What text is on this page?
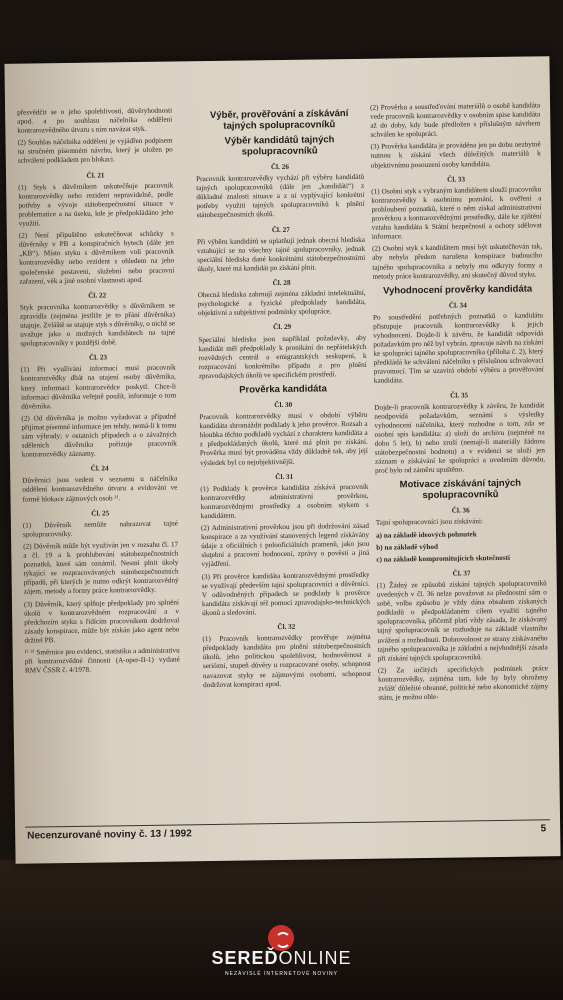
přesvědčit se o jeho spolehlivosti, důvěryhodnosti apod. a po souhlasu náčelníka oddělení kontrarozvědného útvaru s ním navázat styk.

(2) Souhlas náčelníka oddělení je vyjádřen podpisem na stručném písemném návrhu, který je uložen po schválení podkladem pro blokaci.

Čl. 21

(1) Styk s důvěrníkem uskutečňuje pracovník kontrarozvědky nebo rezident nepravidelně, podle potřeby a vývoje státobezpečnostní situace v problematice a na úseku, kde je předpokládáno jeho využití.

(2) Není připuštěno uskutečňovat schůzky s důvěrníky v PB a konspiračních bytech (dále jen „KB“). Místo styku s důvěrníkem volí pracovník kontrarozvědky nebo rezident s ohledem na jeho společenské postavení, služební nebo pracovní zařazení, věk a jiné osobní vlastnosti apod.

Čl. 22

Styk pracovníka kontrarozvědky s důvěrníkem se zpravidla (zejména jestliže je to přání důvěrníka) utajuje. Zvláště se utajuje styk s důvěrníky, o nichž se uvažuje jako o možných kandidátech na tajné spolupracovníky v pozdější době.

Čl. 23

(1) Při využívání informací musí pracovník kontrarozvědky dbát na utajení osoby důvěrníka, který informaci kontrarozvědce poskytl. Chce-li informaci důvěrníka veřejně použít, informuje o tom důvěrníka.

(2) Od důvěrníka je možno vyžadovat a případně přijímat písemné informace jen tehdy, nemá-li k tomu sám výhrady; v ostatních případech a o závažných sděleních důvěrníka pořizuje pracovník kontrarozvědky záznamy.

Čl. 24

Důvěrníci jsou vedeni v seznamu u náčelníka oddělení kontrarozvědného útvaru a evidováni ve formě blokace zájmových osob ³⁾.

Čl. 25

(1) Důvěrník nemůže nahrazovat tajné spolupracovníky.

(2) Důvěrník může být využíván jen v rozsahu čl. 17 a čl. 19 a k prohlubování státobezpečnostních poznatků, které sám oznámil. Nesmí plnit úkoly týkající se rozpracovávaných státobezpečnostních případů, při kterých je nutno odkrýt kontrarozvědný zájem, metody a formy práce kontrarozvědky.

(3) Důvěrník, který splňuje předpoklady pro splnění úkolů v kontrarozvědném rozpracování a v předchozím styku s řídícím pracovníkem dodržoval zásady konspirace, může být získán jako agent nebo držitel PB.

¹⁾ ³⁾ Směrnice pro evidenci, statistiku a administrativu při kontrarozvědné činnosti (A-oper-II-1) vydané RMV ČSSR č. 4/1978.

Výběr, prověřování a získávání tajných spolupracovníků
Výběr kandidátů tajných spolupracovníků
Čl. 26

Pracovník kontrarozvědky vychází při výběru kandidátů tajných spolupracovníků (dále jen „kandidáti“) z důkladné znalosti situace a z ní vyplývající konkrétní potřeby využití tajných spolupracovníků k plnění státobezpečnostních úkolů.

Čl. 27

Při výběru kandidátů se uplatňují jednak obecná hlediska vztahující se na všechny tajné spolupracovníky, jednak speciální hlediska dané konkrétními státobezpečnostními úkoly, které má kandidát po získání plnit.

Čl. 28

Obecná hlediska zahrnují zejména základní intelektuální, psychologické a fyzické předpoklady kandidáta, objektivní a subjektivní podmínky spolupráce.

Čl. 29

Speciální hlediska jsou například požadavky, aby kandidát měl předpoklady k pronikání do nepřátelských rozvědných centrál a emigrantských seskupení, k rozpracování konkrétního případu a pro plnění zpravodajských úkolů ve specifickém prostředí.

Prověrka kandidáta
Čl. 30

Pracovník kontrarozvědky musí v období výběru kandidáta shromáždit podklady k jeho prověrce. Rozsah a hloubka těchto podkladů vychází z charakteru kandidáta a z předpokládaných úkolů, které má plnit po získání. Prověrka musí být prováděna vždy důkladně tak, aby její výsledek byl co nejobjektivnější.

Čl. 31

(1) Podklady k prověrce kandidáta získává pracovník kontrarozvědky administrativní prověrkou, kontrarozvědnými prostředky a osobním stykem s kandidátem.

(2) Administrativní prověrkou jsou při dodržování zásad konspirace a za využívání stanovených legend získávány údaje z oficiálních i polooficiálních pramenů, jako jsou sluţební a pracovní hodnocení, zprávy o pověsti a jiná vyjádření.

(3) Při prověrce kandidáta kontrarozvědnými prostředky se využívají především tajní spolupracovníci a důvěrníci. V odůvodněných případech se podklady k prověrce kandidáta získávají též pomocí zpravodajsko-technických úkonů a sledování.

Čl. 32

(1) Pracovník kontrarozvědky prověřuje zejména předpoklady kandidáta pro plnění státobezpečnostních úkolů, jeho politickou spolehlivost, hodnověrnost a seriózní, stupeň důvěry u rozpracované osoby, schopnost navazovat styky se zájmovými osobami, schopnost dodržovat konspiraci apod.

(2) Prověrku a soustřeďování materiálů o osobě kandidáta vede pracovník kontrarozvědky v osobním spise kandidáta až do doby, kdy bude předložen s příslušným návrhem schválen ke spolupráci.

(3) Prověrka kandidáta je prováděna jen po dobu nezbytně nutnou k získání všech důležitých materiálů k objektivnímu posouzení osoby kandidáta.

Čl. 33

(1) Osobní styk s vybraným kandidátem slouží pracovníku kontrarozvědky k osobnímu poznání, k ověření a prohloubení poznatků, které o něm získal administrativní prověrkou a kontrarozvědnými prostředky, dále ke zjištění vztahu kandidáta k Státní bezpečnosti a ochoty sdělovat informace.

(2) Osobní styk s kandidátem musí být uskutečňován tak, aby nebyla předem narušena konspirace budoucího tajného spolupracovníka a nebyly mu odkryty formy a metody práce kontrarozvědky, ani skutečný důvod styku.

Vyhodnocení prověrky kandidáta
Čl. 34

Po soustředění potřebných poznatků o kandidátu přistupuje pracovník kontrarozvědky k jejich vyhodnocení. Dojde-li k závěru, že kandidát odpovídá požadavkům pro něž byl vybrán, zpracuje návrh na získání ke spolupráci tajného spolupracovníka (příloha č. 2), který předkládá ke schválení náčelníku s příslušnou schvalovací pravomocí. Tím se uzavírá období výběru a prověřování kandidáta.

Čl. 35

Dojde-li pracovník kontrarozvědky k závěru, že kandidát neodpovídá požadavkům, seznámí s výsledky vyhodnocení náčelníka, který rozhodne o tom, zda se osobní spis kandidáta: a) uloží do archivu (nejméně na dobu 5 let), b) nebo zruší (nemají-li materiály žádnou státobezpečnostní hodnotu) a v evidenci se uloží jen záznam o získávání ke spolupráci a uvedením důvodu, proč bylo od záměru upuštěno.

Motivace získávání tajných spolupracovníků
Čl. 36

Tajní spolupracovníci jsou získáváni:

a) na základě ideových pohnutek

b) na základě výhod

c) na základě kompromitujících skutečností

Čl. 37

(1) Žádný ze způsobů získání tajných spolupracovníků uvedených v čl. 36 nelze považovat za přednostní sám o sobě, volba způsobu je vždy dána obsahem získaných podkladů o předpokládaném cílem využití tajného spolupracovníka, přičemž platí vždy zásada, že získávaný tajný spolupracovník se rozhoduje na základě vlastního uvážení a rozhodnutí. Dobrovolnost ze strany získávaného tajného spolupracovníka je základní a nejvhodnější zásada při získání tajných spolupracovníků.

(2) Za určitých specifických podmínek práce kontrarozvědky, zejména tam, kde by byly ohroženy zvlášť důležité obranné, politické nebo ekonomické zájmy státu, je možno oble-

Necenzurované noviny č. 13 / 1992	5
SEREĎONLINE
NEZÁVISLÉ INTERNETOVÉ NOVINY
